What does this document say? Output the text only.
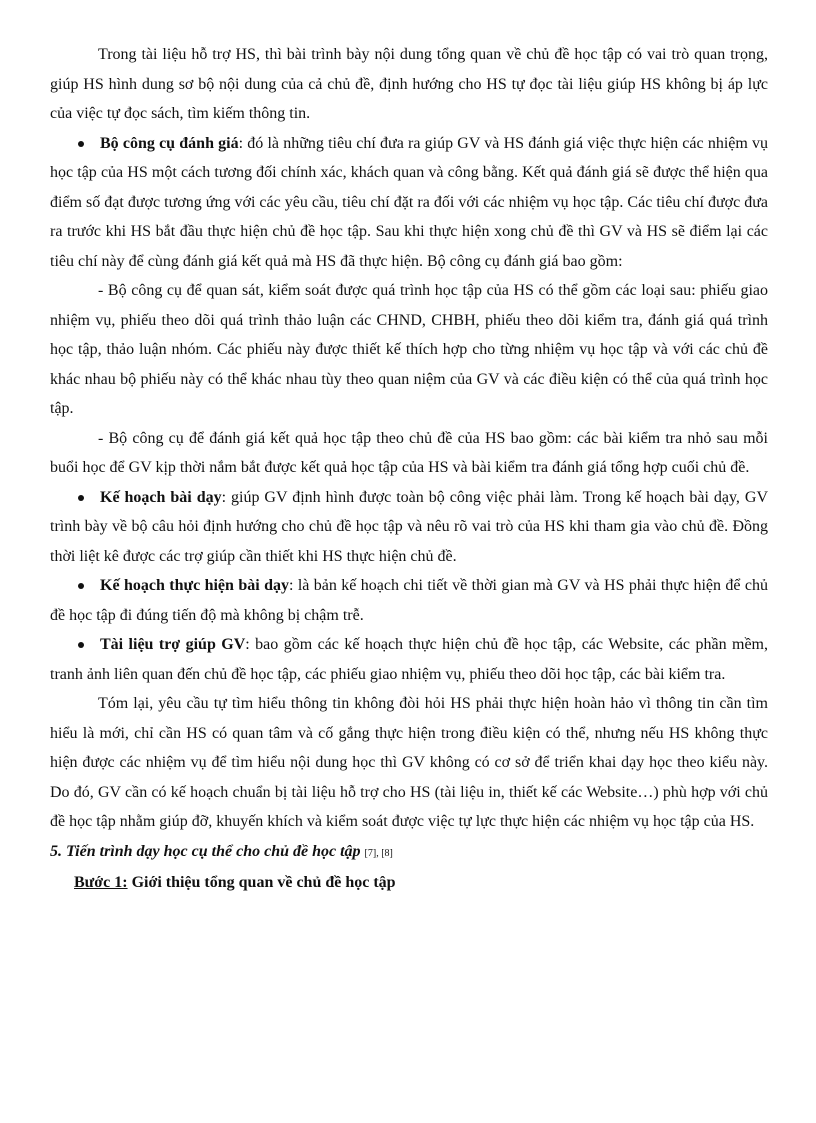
Trong tài liệu hỗ trợ HS, thì bài trình bày nội dung tổng quan về chủ đề học tập có vai trò quan trọng, giúp HS hình dung sơ bộ nội dung của cả chủ đề, định hướng cho HS tự đọc tài liệu giúp HS không bị áp lực của việc tự đọc sách, tìm kiếm thông tin.

Bộ công cụ đánh giá: đó là những tiêu chí đưa ra giúp GV và HS đánh giá việc thực hiện các nhiệm vụ học tập của HS một cách tương đối chính xác, khách quan và công bằng. Kết quả đánh giá sẽ được thể hiện qua điểm số đạt được tương ứng với các yêu cầu, tiêu chí đặt ra đối với các nhiệm vụ học tập. Các tiêu chí được đưa ra trước khi HS bắt đầu thực hiện chủ đề học tập. Sau khi thực hiện xong chủ đề thì GV và HS sẽ điểm lại các tiêu chí này để cùng đánh giá kết quả mà HS đã thực hiện. Bộ công cụ đánh giá bao gồm:

- Bộ công cụ để quan sát, kiểm soát được quá trình học tập của HS có thể gồm các loại sau: phiếu giao nhiệm vụ, phiếu theo dõi quá trình thảo luận các CHND, CHBH, phiếu theo dõi kiểm tra, đánh giá quá trình học tập, thảo luận nhóm. Các phiếu này được thiết kế thích hợp cho từng nhiệm vụ học tập và với các chủ đề khác nhau bộ phiếu này có thể khác nhau tùy theo quan niệm của GV và các điều kiện có thể của quá trình học tập.

- Bộ công cụ để đánh giá kết quả học tập theo chủ đề của HS bao gồm: các bài kiểm tra nhỏ sau mỗi buổi học để GV kịp thời nắm bắt được kết quả học tập của HS và bài kiểm tra đánh giá tổng hợp cuối chủ đề.

Kế hoạch bài dạy: giúp GV định hình được toàn bộ công việc phải làm. Trong kế hoạch bài dạy, GV trình bày về bộ câu hỏi định hướng cho chủ đề học tập và nêu rõ vai trò của HS khi tham gia vào chủ đề. Đồng thời liệt kê được các trợ giúp cần thiết khi HS thực hiện chủ đề.

Kế hoạch thực hiện bài dạy: là bản kế hoạch chi tiết về thời gian mà GV và HS phải thực hiện để chủ đề học tập đi đúng tiến độ mà không bị chậm trễ.

Tài liệu trợ giúp GV: bao gồm các kế hoạch thực hiện chủ đề học tập, các Website, các phần mềm, tranh ảnh liên quan đến chủ đề học tập, các phiếu giao nhiệm vụ, phiếu theo dõi học tập, các bài kiểm tra.

Tóm lại, yêu cầu tự tìm hiểu thông tin không đòi hỏi HS phải thực hiện hoàn hảo vì thông tin cần tìm hiểu là mới, chỉ cần HS có quan tâm và cố gắng thực hiện trong điều kiện có thể, nhưng nếu HS không thực hiện được các nhiệm vụ để tìm hiểu nội dung học thì GV không có cơ sở để triển khai dạy học theo kiểu này. Do đó, GV cần có kế hoạch chuẩn bị tài liệu hỗ trợ cho HS (tài liệu in, thiết kế các Website…) phù hợp với chủ đề học tập nhằm giúp đỡ, khuyến khích và kiểm soát được việc tự lực thực hiện các nhiệm vụ học tập của HS.

5. Tiến trình dạy học cụ thể cho chủ đề học tập [7], [8]

Bước 1: Giới thiệu tổng quan về chủ đề học tập
